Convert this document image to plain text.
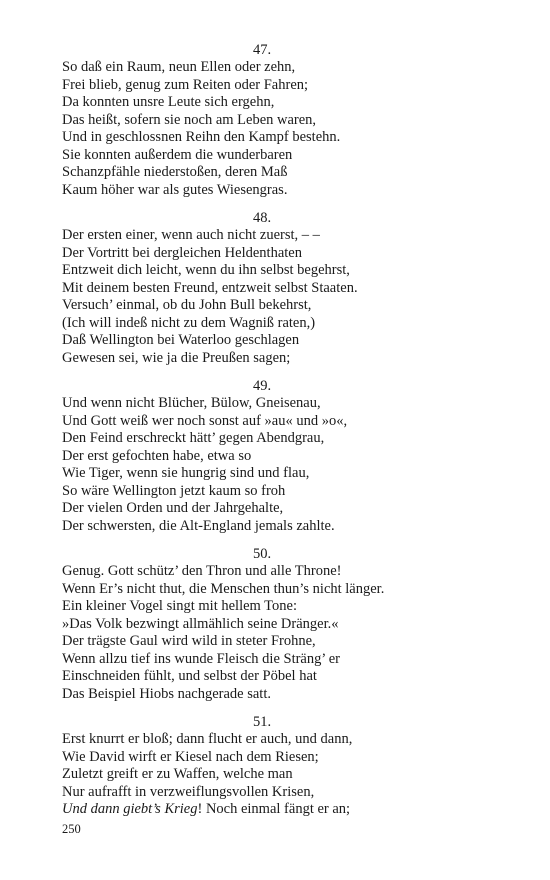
47.
So daß ein Raum, neun Ellen oder zehn,
Frei blieb, genug zum Reiten oder Fahren;
Da konnten unsre Leute sich ergehn,
Das heißt, sofern sie noch am Leben waren,
Und in geschlossnen Reihn den Kampf bestehn.
Sie konnten außerdem die wunderbaren
Schanzpfähle niederstoßen, deren Maß
Kaum höher war als gutes Wiesengras.
48.
Der ersten einer, wenn auch nicht zuerst, – –
Der Vortritt bei dergleichen Heldenthaten
Entzweit dich leicht, wenn du ihn selbst begehrst,
Mit deinem besten Freund, entzweit selbst Staaten.
Versuch’ einmal, ob du John Bull bekehrst,
(Ich will indeß nicht zu dem Wagniß raten,)
Daß Wellington bei Waterloo geschlagen
Gewesen sei, wie ja die Preußen sagen;
49.
Und wenn nicht Blücher, Bülow, Gneisenau,
Und Gott weiß wer noch sonst auf »au« und »o«,
Den Feind erschreckt hätt’ gegen Abendgrau,
Der erst gefochten habe, etwa so
Wie Tiger, wenn sie hungrig sind und flau,
So wäre Wellington jetzt kaum so froh
Der vielen Orden und der Jahrgehalte,
Der schwersten, die Alt-England jemals zahlte.
50.
Genug. Gott schütz’ den Thron und alle Throne!
Wenn Er’s nicht thut, die Menschen thun’s nicht länger.
Ein kleiner Vogel singt mit hellem Tone:
»Das Volk bezwingt allmählich seine Dränger.«
Der trägste Gaul wird wild in steter Frohne,
Wenn allzu tief ins wunde Fleisch die Sträng’ er
Einschneiden fühlt, und selbst der Pöbel hat
Das Beispiel Hiobs nachgerade satt.
51.
Erst knurrt er bloß; dann flucht er auch, und dann,
Wie David wirft er Kiesel nach dem Riesen;
Zuletzt greift er zu Waffen, welche man
Nur aufrafft in verzweiflungsvollen Krisen,
Und dann giebt’s Krieg! Noch einmal fängt er an;
250
